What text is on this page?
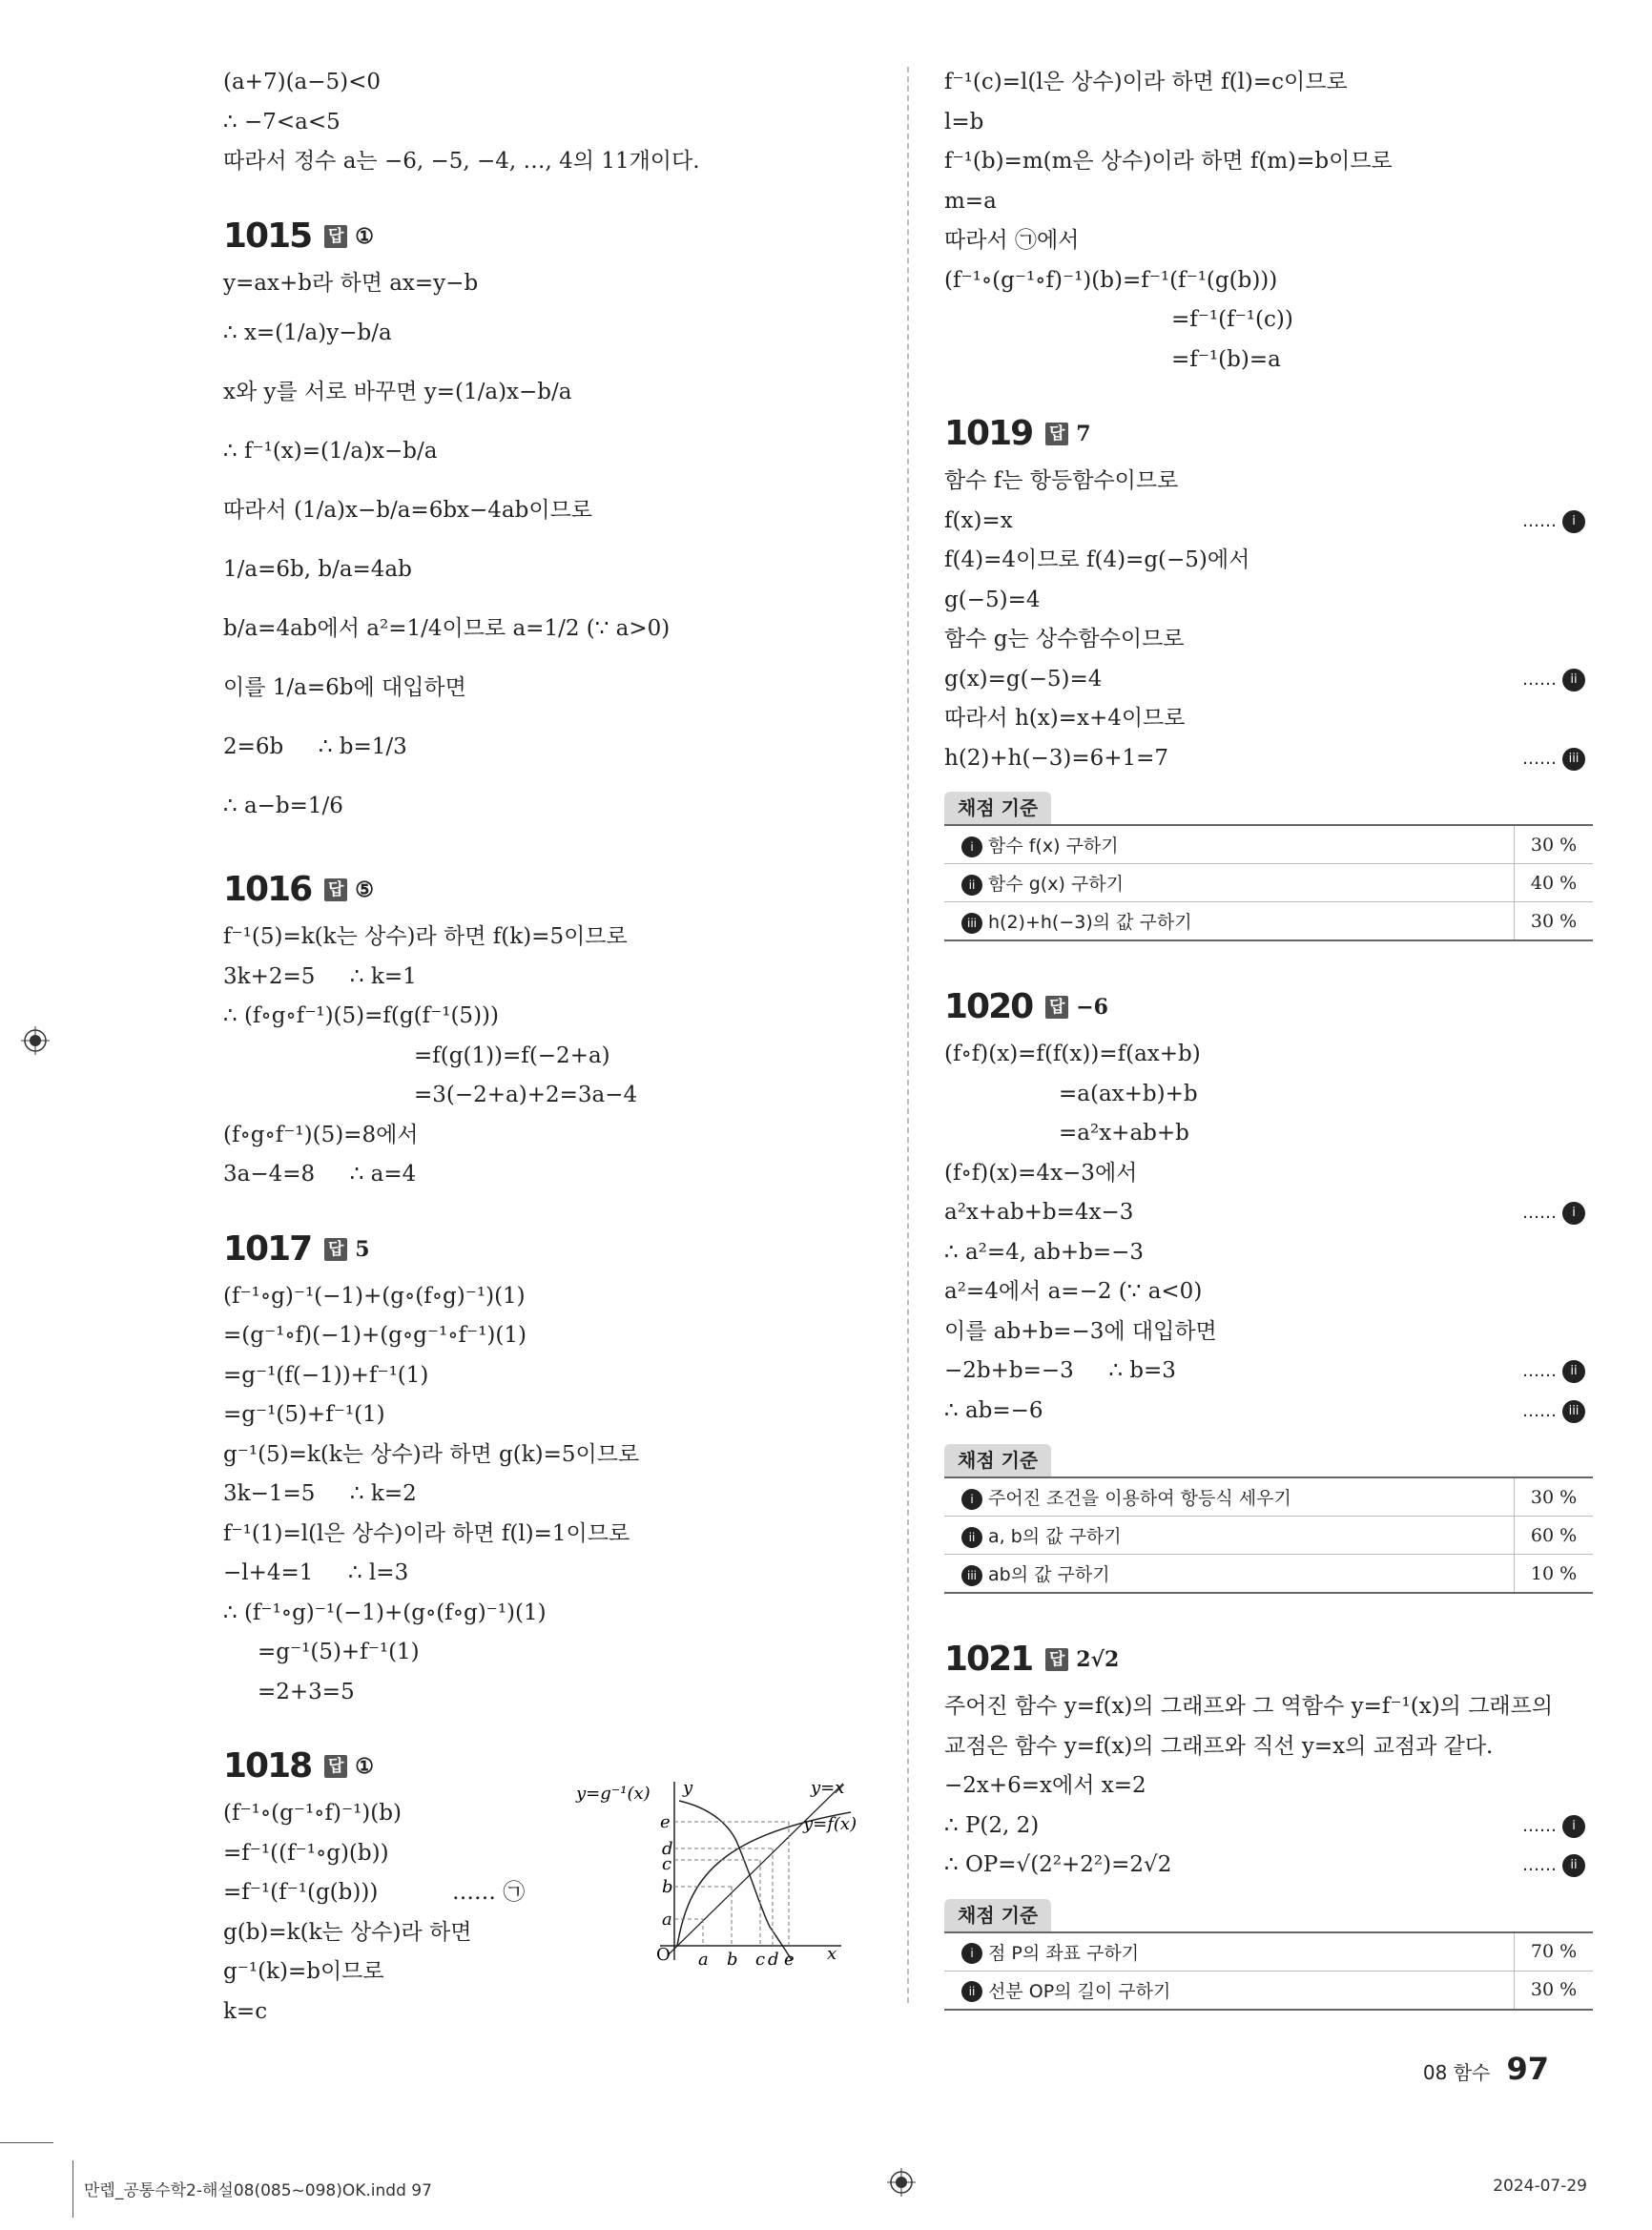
(a+7)(a−5)<0
∴ −7<a<5
따라서 정수 a는 −6, −5, −4, …, 4의 11개이다.
1015 답 ①
y=ax+b라 하면 ax=y−b
∴ x=(1/a)y−b/a
x와 y를 서로 바꾸면 y=(1/a)x−b/a
∴ f⁻¹(x)=(1/a)x−b/a
따라서 (1/a)x−b/a=6bx−4ab이므로
1/a=6b, b/a=4ab
b/a=4ab에서 a²=1/4이므로 a=1/2 (∵ a>0)
이를 1/a=6b에 대입하면
2=6b     ∴ b=1/3
∴ a−b=1/6
1016 답 ⑤
f⁻¹(5)=k(k는 상수)라 하면 f(k)=5이므로
3k+2=5     ∴ k=1
∴ (f∘g∘f⁻¹)(5)=f(g(f⁻¹(5)))
=f(g(1))=f(−2+a)
=3(−2+a)+2=3a−4
(f∘g∘f⁻¹)(5)=8에서
3a−4=8     ∴ a=4
1017 답 5
(f⁻¹∘g)⁻¹(−1)+(g∘(f∘g)⁻¹)(1)
=(g⁻¹∘f)(−1)+(g∘g⁻¹∘f⁻¹)(1)
=g⁻¹(f(−1))+f⁻¹(1)
=g⁻¹(5)+f⁻¹(1)
g⁻¹(5)=k(k는 상수)라 하면 g(k)=5이므로
3k−1=5     ∴ k=2
f⁻¹(1)=l(l은 상수)이라 하면 f(l)=1이므로
−l+4=1     ∴ l=3
∴ (f⁻¹∘g)⁻¹(−1)+(g∘(f∘g)⁻¹)(1)
=g⁻¹(5)+f⁻¹(1)
=2+3=5
1018 답 ①
(f⁻¹∘(g⁻¹∘f)⁻¹)(b)
=f⁻¹((f⁻¹∘g)(b))
=f⁻¹(f⁻¹(g(b)))	…… ㉠
g(b)=k(k는 상수)라 하면
g⁻¹(k)=b이므로
k=c
y=g⁻¹(x) y
x
y=x
y=f(x)
O
e
d
c
b
a
a b c d e
f⁻¹(c)=l(l은 상수)이라 하면 f(l)=c이므로
l=b
f⁻¹(b)=m(m은 상수)이라 하면 f(m)=b이므로
m=a
따라서 ㉠에서
(f⁻¹∘(g⁻¹∘f)⁻¹)(b)=f⁻¹(f⁻¹(g(b)))
=f⁻¹(f⁻¹(c))
=f⁻¹(b)=a
1019 답 7
함수 f는 항등함수이므로
f(x)=x	…… i
f(4)=4이므로 f(4)=g(−5)에서
g(−5)=4
함수 g는 상수함수이므로
g(x)=g(−5)=4	…… ii
따라서 h(x)=x+4이므로
h(2)+h(−3)=6+1=7	…… iii
채점 기준
i 함수 f(x) 구하기	30 %
ii 함수 g(x) 구하기	40 %
iii h(2)+h(−3)의 값 구하기	30 %
1020 답 −6
(f∘f)(x)=f(f(x))=f(ax+b)
=a(ax+b)+b
=a²x+ab+b
(f∘f)(x)=4x−3에서
a²x+ab+b=4x−3	…… i
∴ a²=4, ab+b=−3
a²=4에서 a=−2 (∵ a<0)
이를 ab+b=−3에 대입하면
−2b+b=−3     ∴ b=3	…… ii
∴ ab=−6	…… iii
채점 기준
i 주어진 조건을 이용하여 항등식 세우기	30 %
ii a, b의 값 구하기	60 %
iii ab의 값 구하기	10 %
1021 답 2√2
주어진 함수 y=f(x)의 그래프와 그 역함수 y=f⁻¹(x)의 그래프의
교점은 함수 y=f(x)의 그래프와 직선 y=x의 교점과 같다.
−2x+6=x에서 x=2
∴ P(2, 2)	…… i
∴ OP=√(2²+2²)=2√2	…… ii
채점 기준
i 점 P의 좌표 구하기	70 %
ii 선분 OP의 길이 구하기	30 %
08 함수 97
만렙_공통수학2-해설08(085~098)OK.indd 97	2024-07-29
